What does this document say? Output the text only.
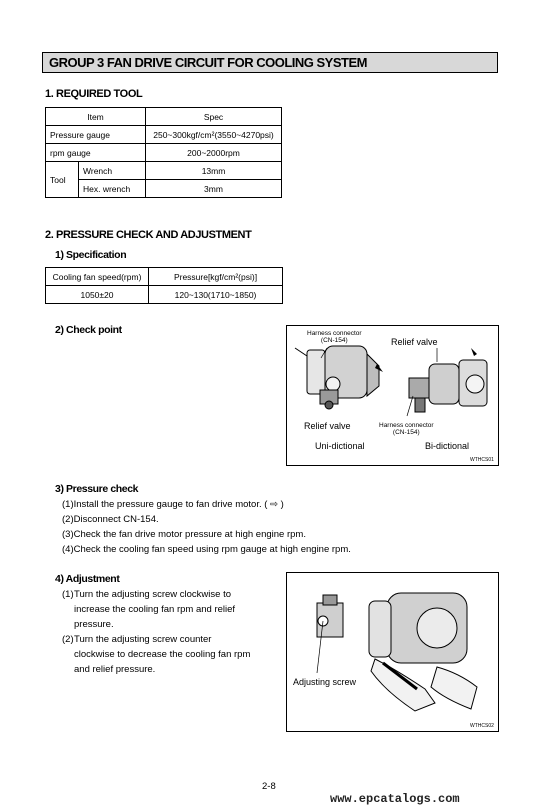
GROUP 3 FAN DRIVE CIRCUIT FOR COOLING SYSTEM
1. REQUIRED TOOL
Item		Spec
Pressure gauge		250~300kgf/cm²(3550~4270psi)
rpm gauge		200~2000rpm
Tool	Wrench	13mm
	Hex. wrench	3mm
2. PRESSURE CHECK AND ADJUSTMENT
1) Specification
Cooling fan speed(rpm)	Pressure[kgf/cm²(psi)]
1050±20	120~130(1710~1850)
2) Check point	Harness connector
(CN-154)	Relief valve
Relief valve	Harness connector
(CN-154)
Uni-dictional	Bi-dictional
WTHCS01
3) Pressure check
(1)Install the pressure gauge to fan drive motor. ( ⇨ )
(2)Disconnect CN-154.
(3)Check the fan drive motor pressure at high engine rpm.
(4)Check the cooling fan speed using rpm gauge at high engine rpm.
4) Adjustment
(1) Turn the adjusting screw clockwise to
increase the cooling fan rpm and relief
pressure.
(2) Turn the adjusting screw counter
clockwise to decrease the cooling fan rpm
and relief pressure.
Adjusting screw
WTHCS02
2-8
www.epcatalogs.com
